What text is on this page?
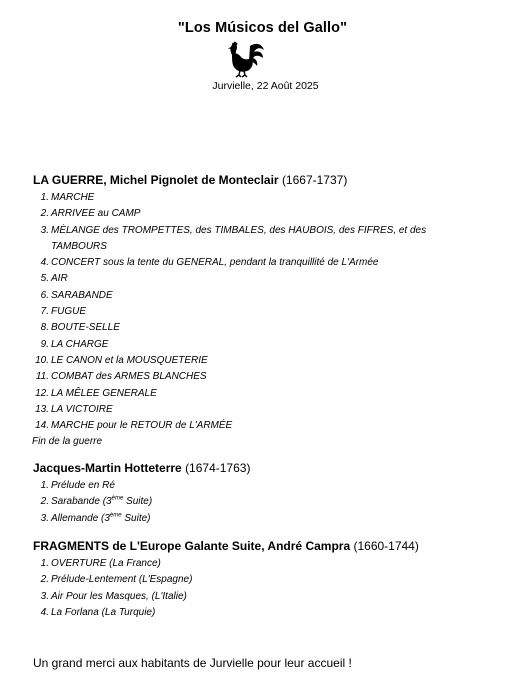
"Los Músicos del Gallo"
Jurvielle, 22 Août 2025
LA GUERRE, Michel Pignolet de Monteclair (1667-1737)
1. MARCHE
2. ARRIVEE au CAMP
3. MÈLANGE des TROMPETTES, des TIMBALES, des HAUBOIS, des FIFRES, et des
TAMBOURS
4. CONCERT sous la tente du GENERAL, pendant la tranquillité de L'Armée
5. AIR
6. SARABANDE
7. FUGUE
8. BOUTE-SELLE
9. LA CHARGE
10. LE CANON et la MOUSQUETERIE
11. COMBAT des ARMES BLANCHES
12. LA MÊLEE GENERALE
13. LA VICTOIRE
14. MARCHE pour le RETOUR de L'ARMÉE
Fin de la guerre
Jacques-Martin Hotteterre (1674-1763)
1. Prélude en Ré
2. Sarabande (3ème Suite)
3. Allemande (3ème Suite)
FRAGMENTS de L'Europe Galante Suite, André Campra (1660-1744)
1. OVERTURE (La France)
2. Prélude-Lentement (L'Espagne)
3. Air Pour les Masques, (L'Italie)
4. La Forlana (La Turquie)
Un grand merci aux habitants de Jurvielle pour leur accueil !
